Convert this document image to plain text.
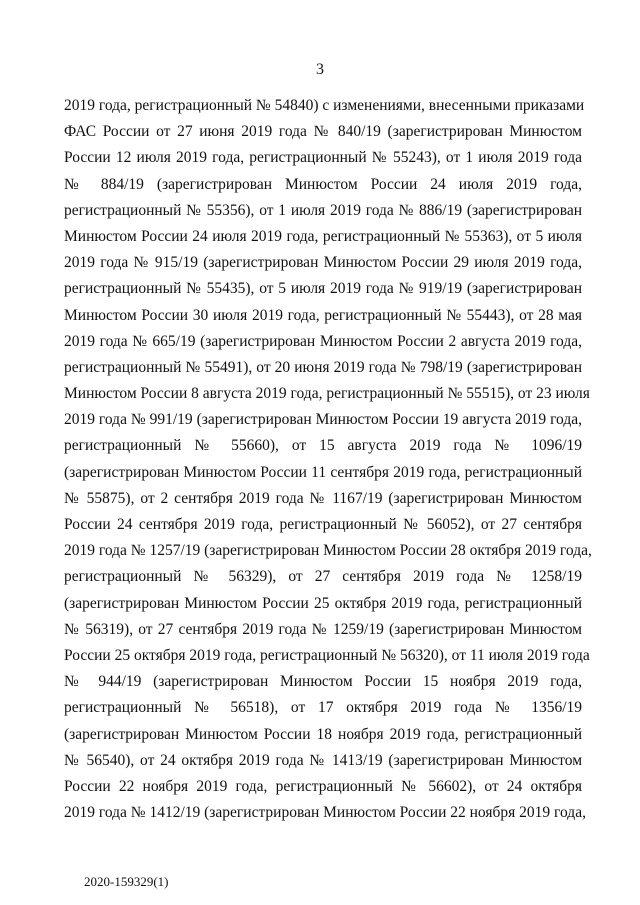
3
2019 года, регистрационный № 54840) с изменениями, внесенными приказами
ФАС России от 27 июня 2019 года № 840/19 (зарегистрирован Минюстом
России 12 июля 2019 года, регистрационный № 55243), от 1 июля 2019 года
№ 884/19 (зарегистрирован Минюстом России 24 июля 2019 года,
регистрационный № 55356), от 1 июля 2019 года № 886/19 (зарегистрирован
Минюстом России 24 июля 2019 года, регистрационный № 55363), от 5 июля
2019 года № 915/19 (зарегистрирован Минюстом России 29 июля 2019 года,
регистрационный № 55435), от 5 июля 2019 года № 919/19 (зарегистрирован
Минюстом России 30 июля 2019 года, регистрационный № 55443), от 28 мая
2019 года № 665/19 (зарегистрирован Минюстом России 2 августа 2019 года,
регистрационный № 55491), от 20 июня 2019 года № 798/19 (зарегистрирован
Минюстом России 8 августа 2019 года, регистрационный № 55515), от 23 июля
2019 года № 991/19 (зарегистрирован Минюстом России 19 августа 2019 года,
регистрационный № 55660), от 15 августа 2019 года № 1096/19
(зарегистрирован Минюстом России 11 сентября 2019 года, регистрационный
№ 55875), от 2 сентября 2019 года № 1167/19 (зарегистрирован Минюстом
России 24 сентября 2019 года, регистрационный № 56052), от 27 сентября
2019 года № 1257/19 (зарегистрирован Минюстом России 28 октября 2019 года,
регистрационный № 56329), от 27 сентября 2019 года № 1258/19
(зарегистрирован Минюстом России 25 октября 2019 года, регистрационный
№ 56319), от 27 сентября 2019 года № 1259/19 (зарегистрирован Минюстом
России 25 октября 2019 года, регистрационный № 56320), от 11 июля 2019 года
№ 944/19 (зарегистрирован Минюстом России 15 ноября 2019 года,
регистрационный № 56518), от 17 октября 2019 года № 1356/19
(зарегистрирован Минюстом России 18 ноября 2019 года, регистрационный
№ 56540), от 24 октября 2019 года № 1413/19 (зарегистрирован Минюстом
России 22 ноября 2019 года, регистрационный № 56602), от 24 октября
2019 года № 1412/19 (зарегистрирован Минюстом России 22 ноября 2019 года,
2020-159329(1)
